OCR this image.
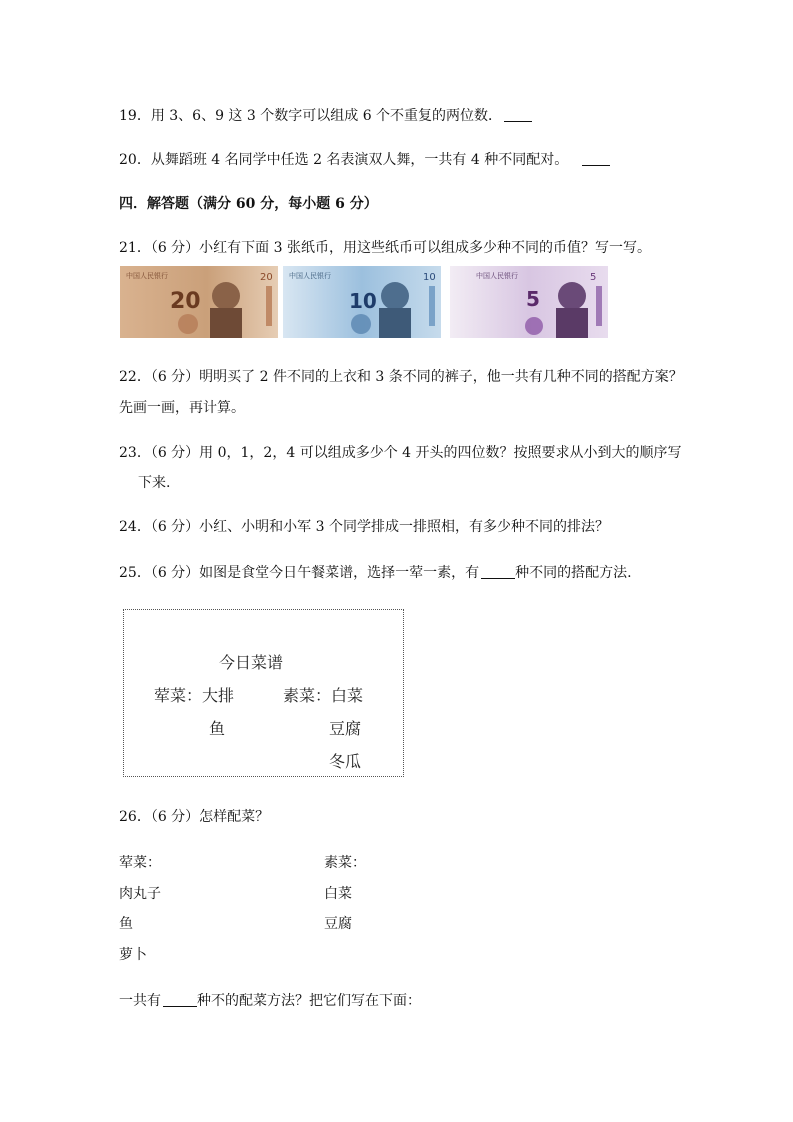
19．用 3、6、9 这 3 个数字可以组成 6 个不重复的两位数．
20．从舞蹈班 4 名同学中任选 2 名表演双人舞，一共有 4 种不同配对。
四．解答题（满分 60 分，每小题 6 分）
21．（6 分）小红有下面 3 张纸币，用这些纸币可以组成多少种不同的币值？写一写。
中国人民银行	20
20
中国人民银行	10
10
中国人民银行	5
5
22．（6 分）明明买了 2 件不同的上衣和 3 条不同的裤子，他一共有几种不同的搭配方案？
先画一画，再计算。
23．（6 分）用 0，1，2，4 可以组成多少个 4 开头的四位数？按照要求从小到大的顺序写
下来.
24．（6 分）小红、小明和小军 3 个同学排成一排照相，有多少种不同的排法？
25．（6 分）如图是食堂今日午餐菜谱，选择一荤一素，有	种不同的搭配方法.
今日菜谱
荤菜：大排
鱼
素菜：白菜
豆腐
冬瓜
26．（6 分）怎样配菜？
荤菜：
肉丸子
鱼
萝卜
素菜：
白菜
豆腐
一共有	种不的配菜方法？把它们写在下面：
